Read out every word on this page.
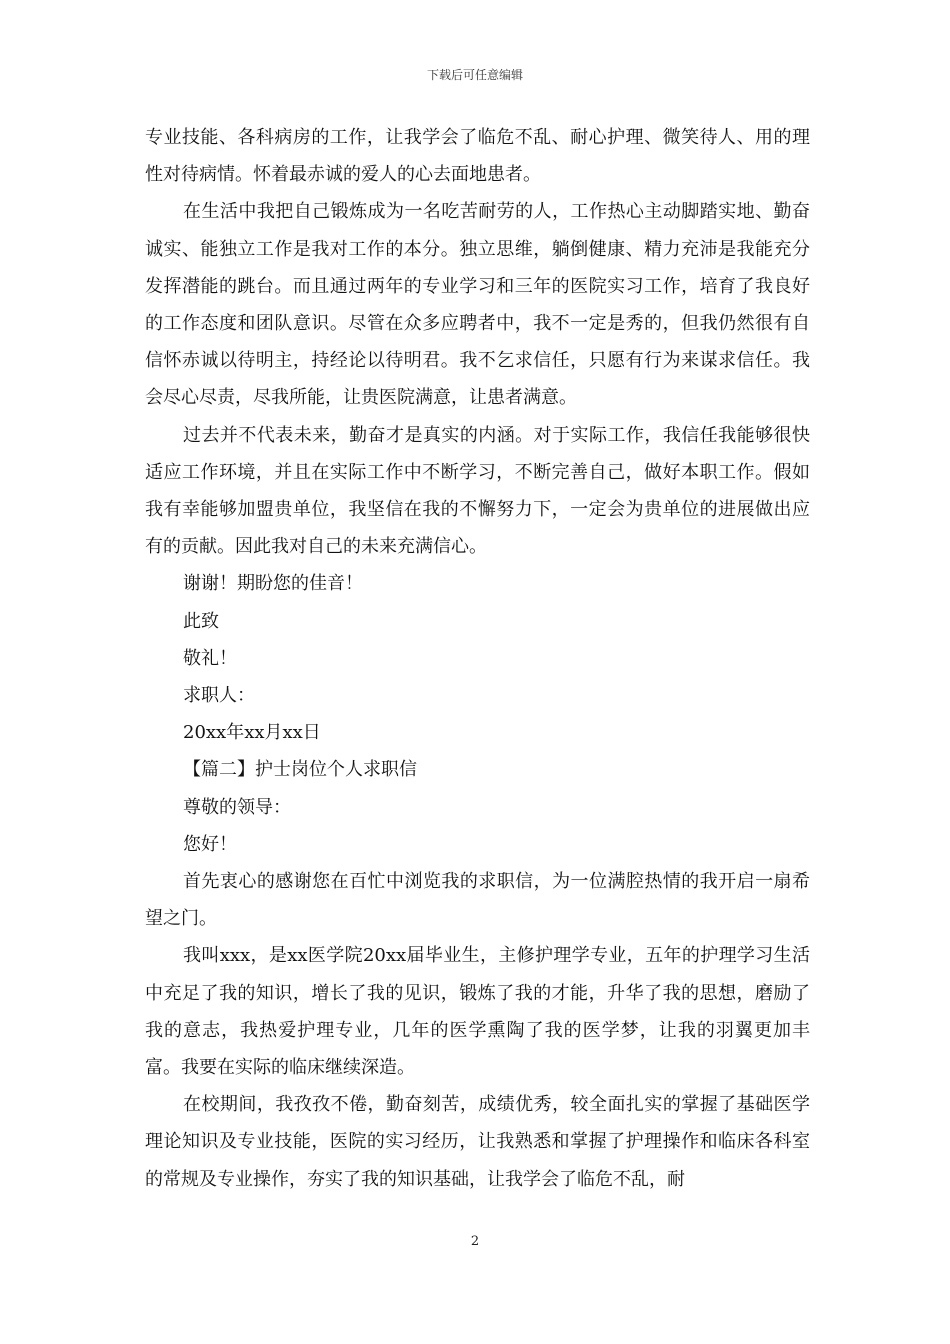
下载后可任意编辑

专业技能、各科病房的工作，让我学会了临危不乱、耐心护理、微笑待人、用的理性对待病情。怀着最赤诚的爱人的心去面地患者。

在生活中我把自己锻炼成为一名吃苦耐劳的人，工作热心主动脚踏实地、勤奋诚实、能独立工作是我对工作的本分。独立思维，躺倒健康、精力充沛是我能充分发挥潜能的跳台。而且通过两年的专业学习和三年的医院实习工作，培育了我良好的工作态度和团队意识。尽管在众多应聘者中，我不一定是秀的，但我仍然很有自信怀赤诚以待明主，持经论以待明君。我不乞求信任，只愿有行为来谋求信任。我会尽心尽责，尽我所能，让贵医院满意，让患者满意。

过去并不代表未来，勤奋才是真实的内涵。对于实际工作，我信任我能够很快适应工作环境，并且在实际工作中不断学习，不断完善自己，做好本职工作。假如我有幸能够加盟贵单位，我坚信在我的不懈努力下，一定会为贵单位的进展做出应有的贡献。因此我对自己的未来充满信心。

谢谢！期盼您的佳音！

此致

敬礼！

求职人：

20xx年xx月xx日

【篇二】护士岗位个人求职信

尊敬的领导：

您好！

首先衷心的感谢您在百忙中浏览我的求职信，为一位满腔热情的我开启一扇希望之门。

我叫xxx，是xx医学院20xx届毕业生，主修护理学专业，五年的护理学习生活中充足了我的知识，增长了我的见识，锻炼了我的才能，升华了我的思想，磨励了我的意志，我热爱护理专业，几年的医学熏陶了我的医学梦，让我的羽翼更加丰富。我要在实际的临床继续深造。

在校期间，我孜孜不倦，勤奋刻苦，成绩优秀，较全面扎实的掌握了基础医学理论知识及专业技能，医院的实习经历，让我熟悉和掌握了护理操作和临床各科室的常规及专业操作，夯实了我的知识基础，让我学会了临危不乱，耐

2
